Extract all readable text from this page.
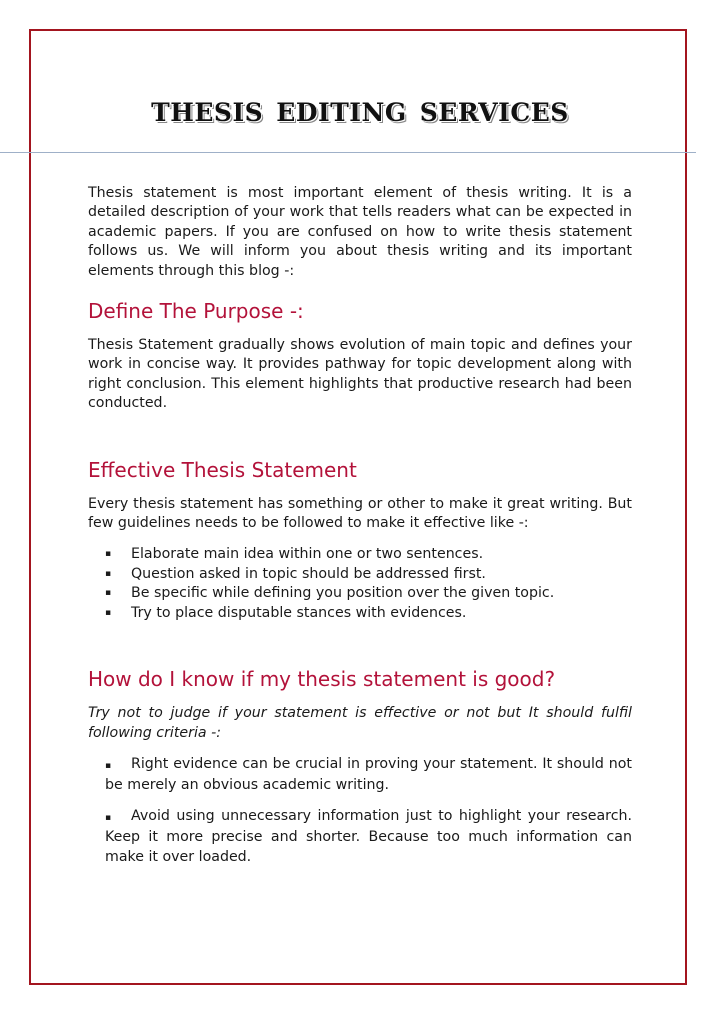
thesis editing services

Thesis statement is most important element of thesis writing. It is a detailed description of your work that tells readers what can be expected in academic papers. If you are confused on how to write thesis statement follows us. We will inform you about thesis writing and its important elements through this blog -:

Define The Purpose -:

Thesis Statement gradually shows evolution of main topic and defines your work in concise way. It provides pathway for topic development along with right conclusion. This element highlights that productive research had been conducted.

Effective Thesis Statement

Every thesis statement has something or other to make it great writing. But few guidelines needs to be followed to make it effective like -:

▪ Elaborate main idea within one or two sentences.
▪ Question asked in topic should be addressed first.
▪ Be specific while defining you position over the given topic.
▪ Try to place disputable stances with evidences.
How do I know if my thesis statement is good?

Try not to judge if your statement is effective or not but It should fulfil following criteria -:

▪ Right evidence can be crucial in proving your statement. It should not be merely an obvious academic writing.
▪ Avoid using unnecessary information just to highlight your research. Keep it more precise and shorter. Because too much information can make it over loaded.
